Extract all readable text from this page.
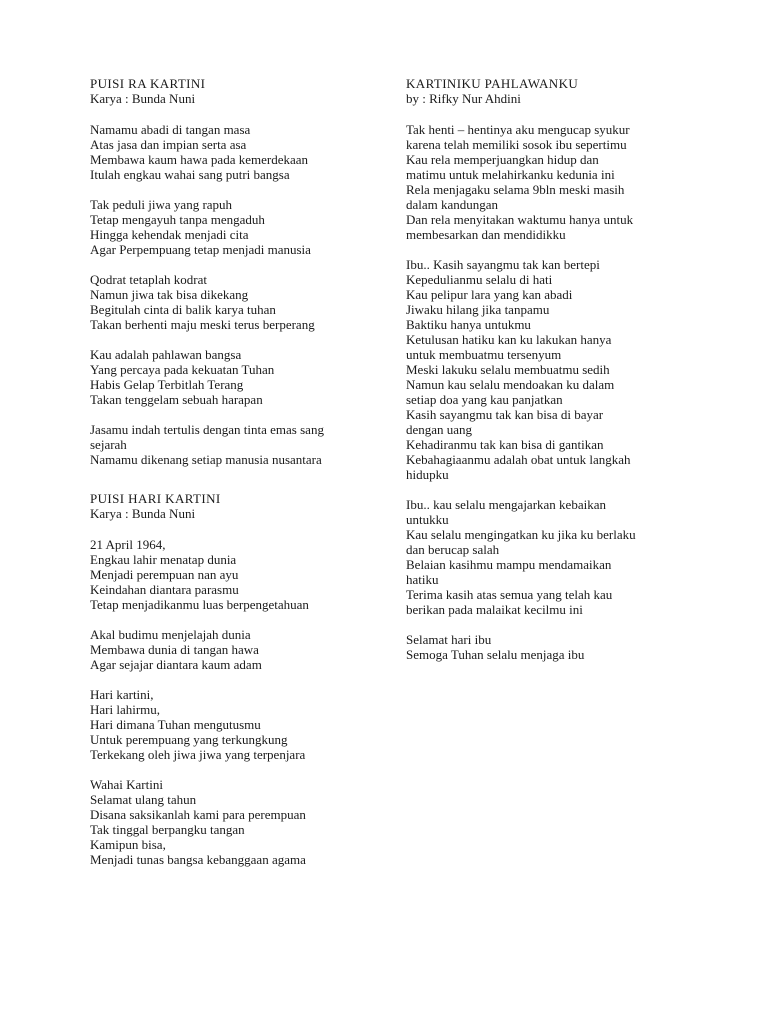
PUISI RA KARTINI
Karya : Bunda Nuni
Namamu abadi di tangan masa
Atas jasa dan impian serta asa
Membawa kaum hawa pada kemerdekaan
Itulah engkau wahai sang putri bangsa
Tak peduli jiwa yang rapuh
Tetap mengayuh tanpa mengaduh
Hingga kehendak menjadi cita
Agar Perpempuang tetap menjadi manusia
Qodrat tetaplah kodrat
Namun jiwa tak bisa dikekang
Begitulah cinta di balik karya tuhan
Takan berhenti maju meski terus berperang
Kau adalah pahlawan bangsa
Yang percaya pada kekuatan Tuhan
Habis Gelap Terbitlah Terang
Takan tenggelam sebuah harapan
Jasamu indah tertulis dengan tinta emas sang
sejarah
Namamu dikenang setiap manusia nusantara
PUISI HARI KARTINI
Karya : Bunda Nuni
21 April 1964,
Engkau lahir menatap dunia
Menjadi perempuan nan ayu
Keindahan diantara parasmu
Tetap menjadikanmu luas berpengetahuan
Akal budimu menjelajah dunia
Membawa dunia di tangan hawa
Agar sejajar diantara kaum adam
Hari kartini,
Hari lahirmu,
Hari dimana Tuhan mengutusmu
Untuk perempuang yang terkungkung
Terkekang oleh jiwa jiwa yang terpenjara
Wahai Kartini
Selamat ulang tahun
Disana saksikanlah kami para perempuan
Tak tinggal berpangku tangan
Kamipun bisa,
Menjadi tunas bangsa kebanggaan agama
KARTINIKU PAHLAWANKU
by : Rifky Nur Ahdini
Tak henti – hentinya aku mengucap syukur
karena telah memiliki sosok ibu sepertimu
Kau rela memperjuangkan hidup dan
matimu untuk melahirkanku kedunia ini
Rela menjagaku selama 9bln meski masih
dalam kandungan
Dan rela menyitakan waktumu hanya untuk
membesarkan dan mendidikku
Ibu.. Kasih sayangmu tak kan bertepi
Kepedulianmu selalu di hati
Kau pelipur lara yang kan abadi
Jiwaku hilang jika tanpamu
Baktiku hanya untukmu
Ketulusan hatiku kan ku lakukan hanya
untuk membuatmu tersenyum
Meski lakuku selalu membuatmu sedih
Namun kau selalu mendoakan ku dalam
setiap doa yang kau panjatkan
Kasih sayangmu tak kan bisa di bayar
dengan uang
Kehadiranmu tak kan bisa di gantikan
Kebahagiaanmu adalah obat untuk langkah
hidupku
Ibu.. kau selalu mengajarkan kebaikan
untukku
Kau selalu mengingatkan ku jika ku berlaku
dan berucap salah
Belaian kasihmu mampu mendamaikan
hatiku
Terima kasih atas semua yang telah kau
berikan pada malaikat kecilmu ini
Selamat hari ibu
Semoga Tuhan selalu menjaga ibu
